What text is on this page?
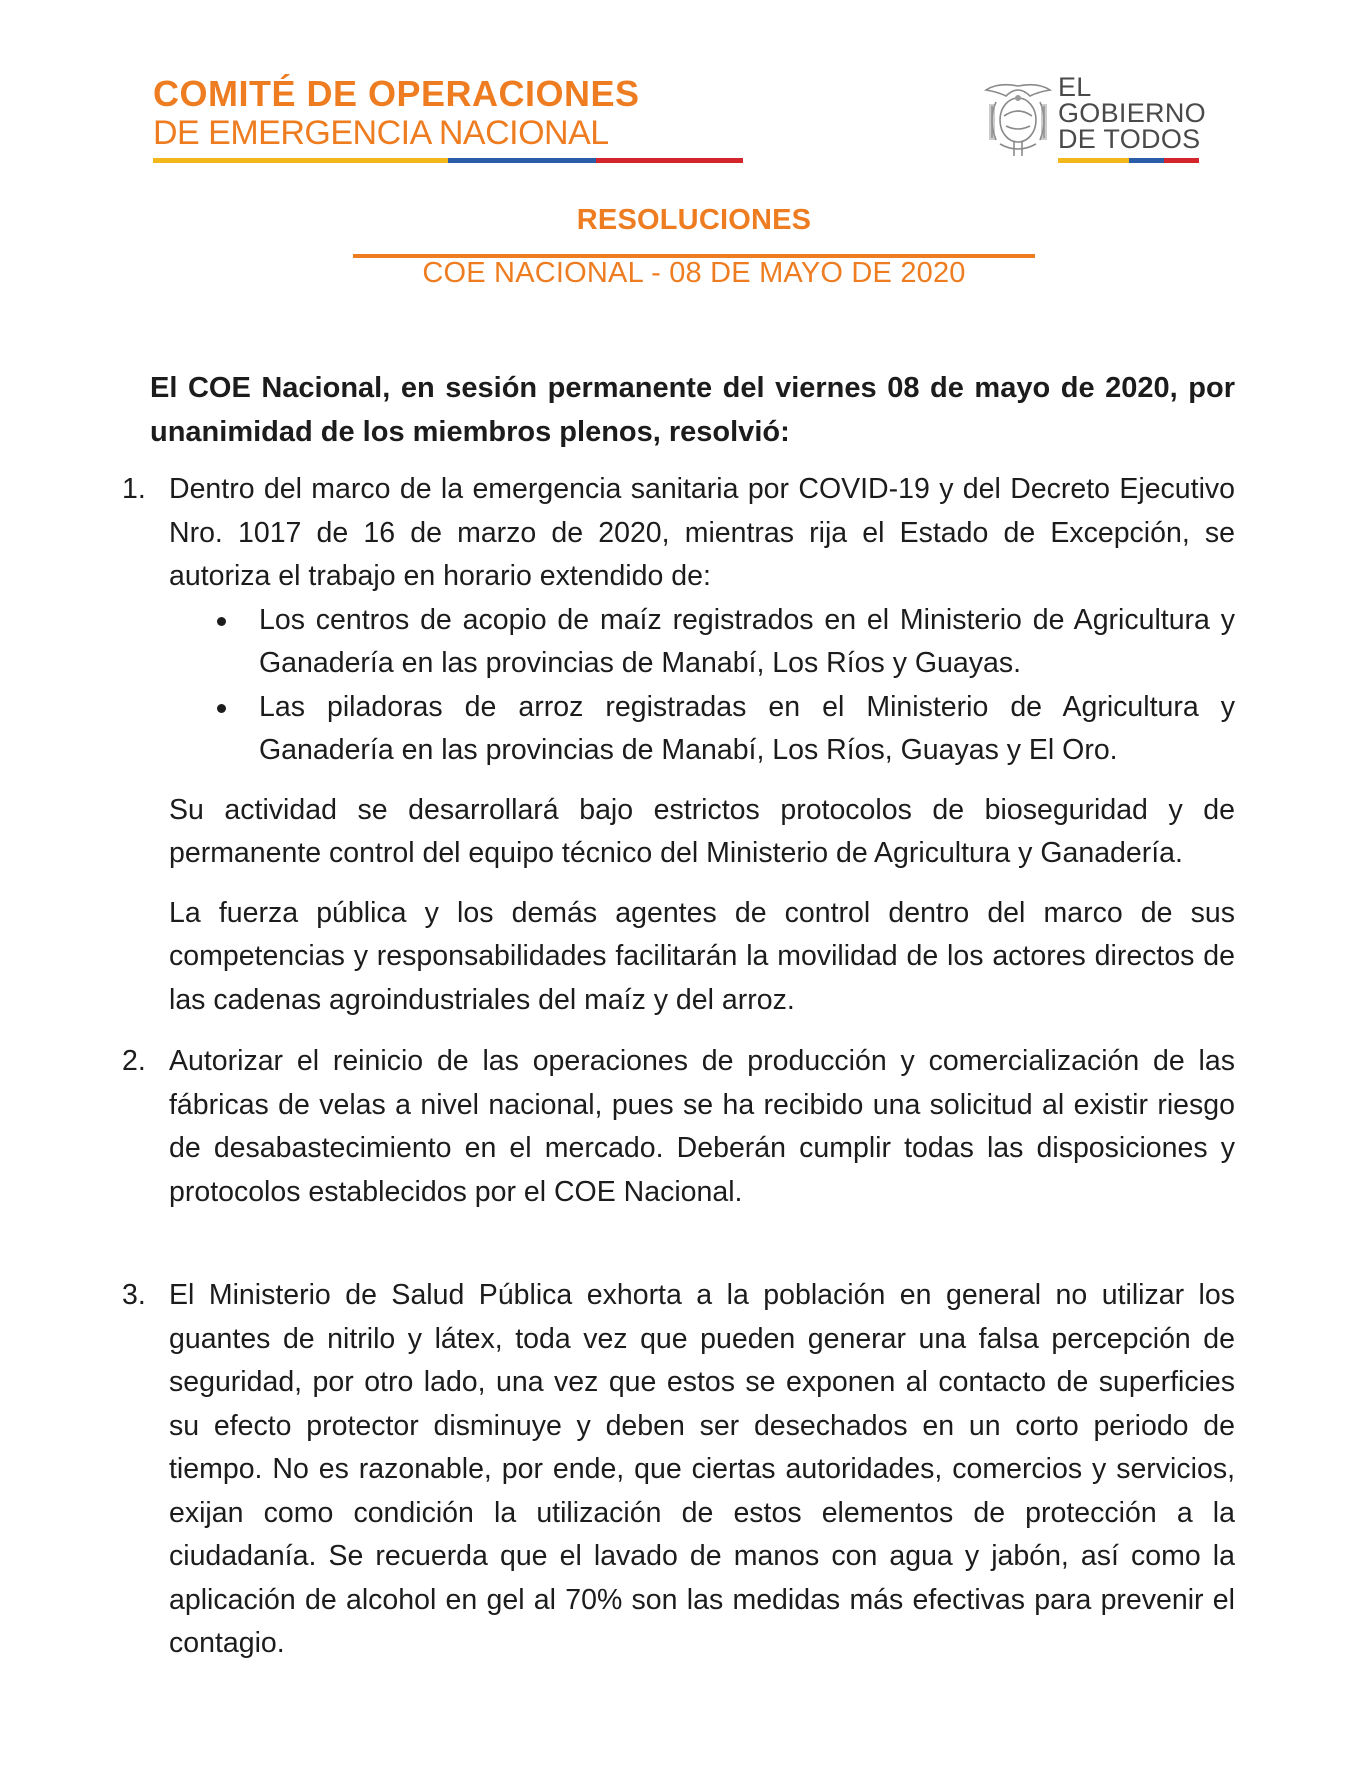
COMITÉ DE OPERACIONES
DE EMERGENCIA NACIONAL
EL
GOBIERNO
DE TODOS
RESOLUCIONES
COE NACIONAL - 08 DE MAYO DE 2020

El COE Nacional, en sesión permanente del viernes 08 de mayo de 2020, por unanimidad de los miembros plenos, resolvió:

1. Dentro del marco de la emergencia sanitaria por COVID-19 y del Decreto Ejecutivo Nro. 1017 de 16 de marzo de 2020, mientras rija el Estado de Excepción, se autoriza el trabajo en horario extendido de:

Los centros de acopio de maíz registrados en el Ministerio de Agricultura y Ganadería en las provincias de Manabí, Los Ríos y Guayas.
Las piladoras de arroz registradas en el Ministerio de Agricultura y Ganadería en las provincias de Manabí, Los Ríos, Guayas y El Oro.

Su actividad se desarrollará bajo estrictos protocolos de bioseguridad y de permanente control del equipo técnico del Ministerio de Agricultura y Ganadería.

La fuerza pública y los demás agentes de control dentro del marco de sus competencias y responsabilidades facilitarán la movilidad de los actores directos de las cadenas agroindustriales del maíz y del arroz.

2. Autorizar el reinicio de las operaciones de producción y comercialización de las fábricas de velas a nivel nacional, pues se ha recibido una solicitud al existir riesgo de desabastecimiento en el mercado. Deberán cumplir todas las disposiciones y protocolos establecidos por el COE Nacional.

3. El Ministerio de Salud Pública exhorta a la población en general no utilizar los guantes de nitrilo y látex, toda vez que pueden generar una falsa percepción de seguridad, por otro lado, una vez que estos se exponen al contacto de superficies su efecto protector disminuye y deben ser desechados en un corto periodo de tiempo. No es razonable, por ende, que ciertas autoridades, comercios y servicios, exijan como condición la utilización de estos elementos de protección a la ciudadanía. Se recuerda que el lavado de manos con agua y jabón, así como la aplicación de alcohol en gel al 70% son las medidas más efectivas para prevenir el contagio.
